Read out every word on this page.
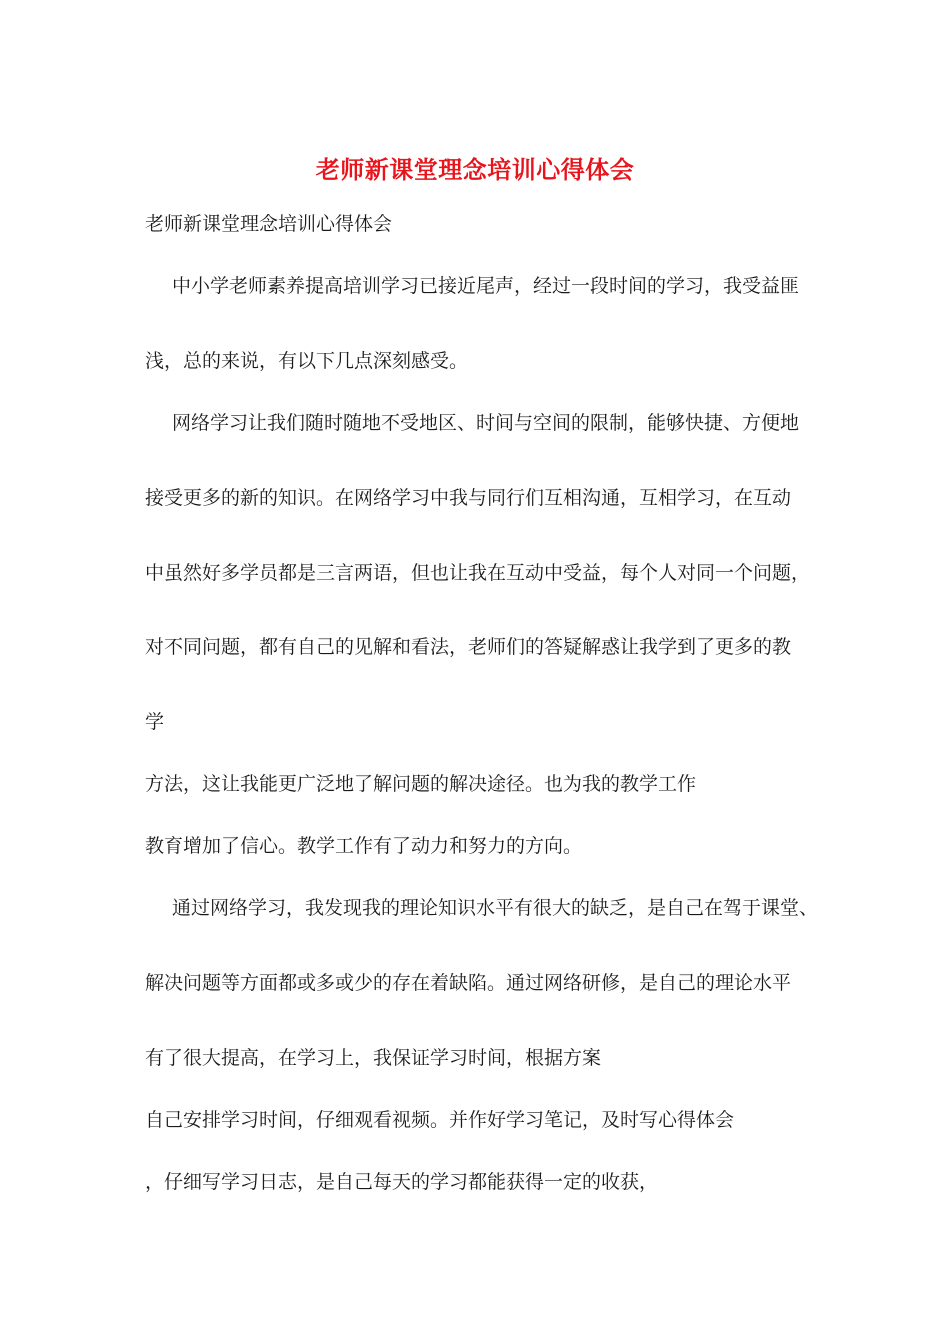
老师新课堂理念培训心得体会
老师新课堂理念培训心得体会
中小学老师素养提高培训学习已接近尾声，经过一段时间的学习，我受益匪
浅，总的来说，有以下几点深刻感受。
网络学习让我们随时随地不受地区、时间与空间的限制，能够快捷、方便地
接受更多的新的知识。在网络学习中我与同行们互相沟通，互相学习，在互动
中虽然好多学员都是三言两语，但也让我在互动中受益，每个人对同一个问题，
对不同问题，都有自己的见解和看法，老师们的答疑解惑让我学到了更多的教
学
方法，这让我能更广泛地了解问题的解决途径。也为我的教学工作
教育增加了信心。教学工作有了动力和努力的方向。
通过网络学习，我发现我的理论知识水平有很大的缺乏，是自己在驾于课堂、
解决问题等方面都或多或少的存在着缺陷。通过网络研修，是自己的理论水平
有了很大提高，在学习上，我保证学习时间，根据方案
自己安排学习时间，仔细观看视频。并作好学习笔记，及时写心得体会
，仔细写学习日志，是自己每天的学习都能获得一定的收获，
